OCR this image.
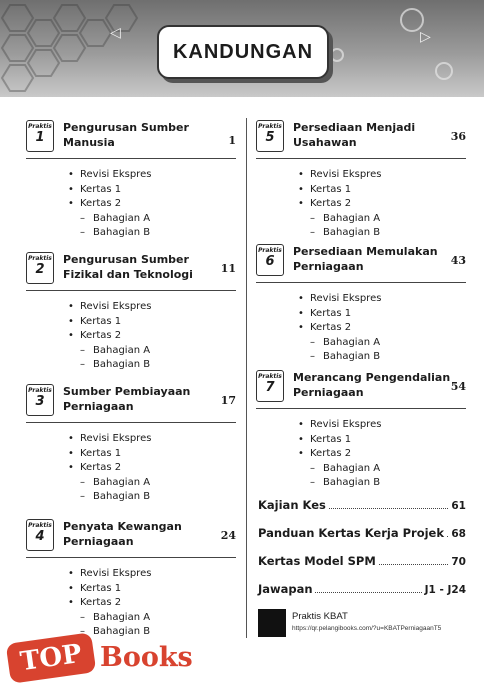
◁	▷
KANDUNGAN
Praktis
1
Pengurusan Sumber Manusia	1
• Revisi Ekspres
• Kertas 1
• Kertas 2
– Bahagian A
– Bahagian B
Praktis
2
Pengurusan Sumber Fizikal dan Teknologi	11
• Revisi Ekspres
• Kertas 1
• Kertas 2
– Bahagian A
– Bahagian B
Praktis
3
Sumber Pembiayaan Perniagaan	17
• Revisi Ekspres
• Kertas 1
• Kertas 2
– Bahagian A
– Bahagian B
Praktis
4
Penyata Kewangan Perniagaan	24
• Revisi Ekspres
• Kertas 1
• Kertas 2
– Bahagian A
– Bahagian B
Praktis
5
Persediaan Menjadi Usahawan	36
• Revisi Ekspres
• Kertas 1
• Kertas 2
– Bahagian A
– Bahagian B
Praktis
6
Persediaan Memulakan Perniagaan	43
• Revisi Ekspres
• Kertas 1
• Kertas 2
– Bahagian A
– Bahagian B
Praktis
7
Merancang Pengendalian Perniagaan	54
• Revisi Ekspres
• Kertas 1
• Kertas 2
– Bahagian A
– Bahagian B
Kajian Kes	61
Panduan Kertas Kerja Projek 68
Kertas Model SPM	70
Jawapan	J1 - J24
Praktis KBAT
https://qr.pelangibooks.com/?u=KBATPerniagaanT5
TOP Books
